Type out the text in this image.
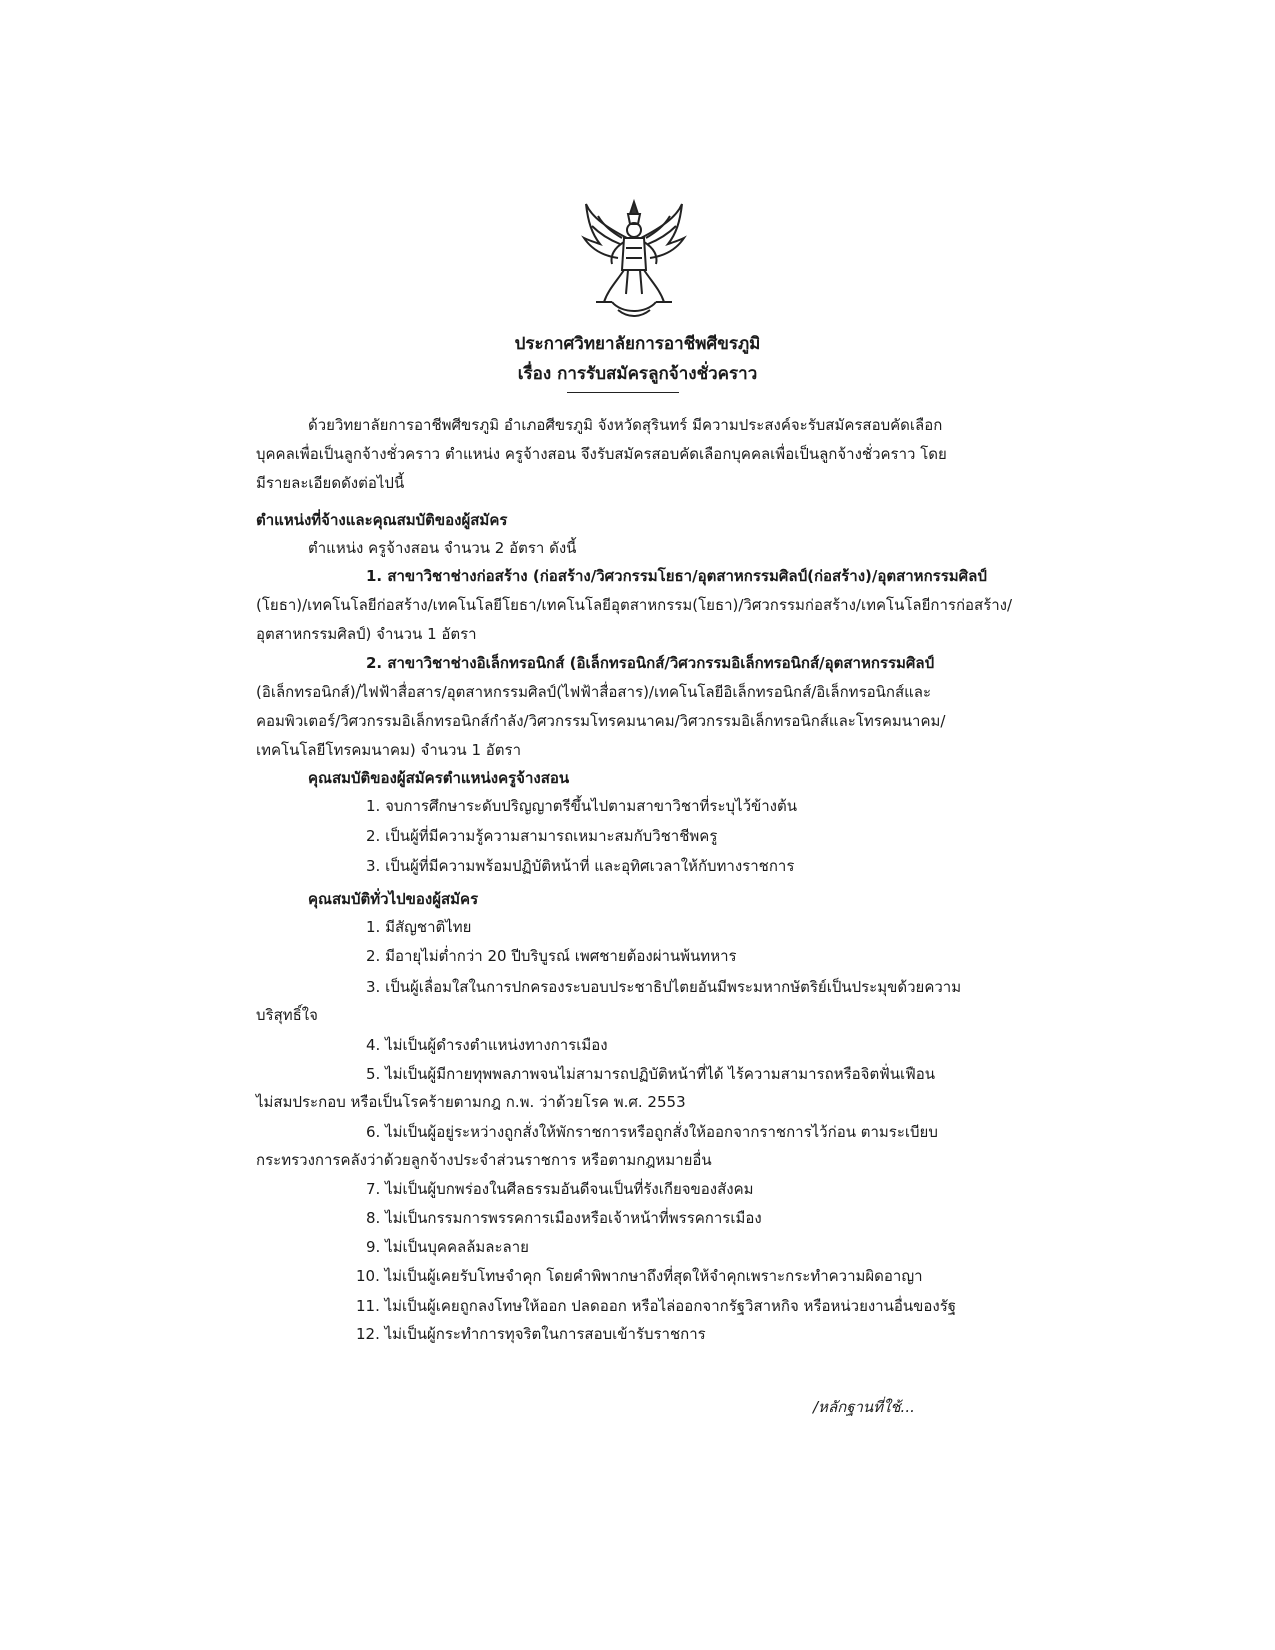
ประกาศวิทยาลัยการอาชีพศีขรภูมิ
เรื่อง การรับสมัครลูกจ้างชั่วคราว
ด้วยวิทยาลัยการอาชีพศีขรภูมิ อำเภอศีขรภูมิ จังหวัดสุรินทร์ มีความประสงค์จะรับสมัครสอบคัดเลือก
บุคคลเพื่อเป็นลูกจ้างชั่วคราว ตำแหน่ง ครูจ้างสอน จึงรับสมัครสอบคัดเลือกบุคคลเพื่อเป็นลูกจ้างชั่วคราว โดย
มีรายละเอียดดังต่อไปนี้
ตำแหน่งที่จ้างและคุณสมบัติของผู้สมัคร
ตำแหน่ง ครูจ้างสอน จำนวน 2 อัตรา ดังนี้
1. สาขาวิชาช่างก่อสร้าง (ก่อสร้าง/วิศวกรรมโยธา/อุตสาหกรรมศิลป์(ก่อสร้าง)/อุตสาหกรรมศิลป์
(โยธา)/เทคโนโลยีก่อสร้าง/เทคโนโลยีโยธา/เทคโนโลยีอุตสาหกรรม(โยธา)/วิศวกรรมก่อสร้าง/เทคโนโลยีการก่อสร้าง/
อุตสาหกรรมศิลป์) จำนวน 1 อัตรา
2. สาขาวิชาช่างอิเล็กทรอนิกส์ (อิเล็กทรอนิกส์/วิศวกรรมอิเล็กทรอนิกส์/อุตสาหกรรมศิลป์
(อิเล็กทรอนิกส์)/ไฟฟ้าสื่อสาร/อุตสาหกรรมศิลป์(ไฟฟ้าสื่อสาร)/เทคโนโลยีอิเล็กทรอนิกส์/อิเล็กทรอนิกส์และ
คอมพิวเตอร์/วิศวกรรมอิเล็กทรอนิกส์กำลัง/วิศวกรรมโทรคมนาคม/วิศวกรรมอิเล็กทรอนิกส์และโทรคมนาคม/
เทคโนโลยีโทรคมนาคม) จำนวน 1 อัตรา
คุณสมบัติของผู้สมัครตำแหน่งครูจ้างสอน
1. จบการศึกษาระดับปริญญาตรีขึ้นไปตามสาขาวิชาที่ระบุไว้ข้างต้น
2. เป็นผู้ที่มีความรู้ความสามารถเหมาะสมกับวิชาชีพครู
3. เป็นผู้ที่มีความพร้อมปฏิบัติหน้าที่ และอุทิศเวลาให้กับทางราชการ
คุณสมบัติทั่วไปของผู้สมัคร
1. มีสัญชาติไทย
2. มีอายุไม่ต่ำกว่า 20 ปีบริบูรณ์ เพศชายต้องผ่านพ้นทหาร
3. เป็นผู้เลื่อมใสในการปกครองระบอบประชาธิปไตยอันมีพระมหากษัตริย์เป็นประมุขด้วยความ
บริสุทธิ์ใจ
4. ไม่เป็นผู้ดำรงตำแหน่งทางการเมือง
5. ไม่เป็นผู้มีกายทุพพลภาพจนไม่สามารถปฏิบัติหน้าที่ได้ ไร้ความสามารถหรือจิตฟั่นเฟือน
ไม่สมประกอบ หรือเป็นโรคร้ายตามกฎ ก.พ. ว่าด้วยโรค พ.ศ. 2553
6. ไม่เป็นผู้อยู่ระหว่างถูกสั่งให้พักราชการหรือถูกสั่งให้ออกจากราชการไว้ก่อน ตามระเบียบ
กระทรวงการคลังว่าด้วยลูกจ้างประจำส่วนราชการ หรือตามกฎหมายอื่น
7. ไม่เป็นผู้บกพร่องในศีลธรรมอันดีจนเป็นที่รังเกียจของสังคม
8. ไม่เป็นกรรมการพรรคการเมืองหรือเจ้าหน้าที่พรรคการเมือง
9. ไม่เป็นบุคคลล้มละลาย
10. ไม่เป็นผู้เคยรับโทษจำคุก โดยคำพิพากษาถึงที่สุดให้จำคุกเพราะกระทำความผิดอาญา
11. ไม่เป็นผู้เคยถูกลงโทษให้ออก ปลดออก หรือไล่ออกจากรัฐวิสาหกิจ หรือหน่วยงานอื่นของรัฐ
12. ไม่เป็นผู้กระทำการทุจริตในการสอบเข้ารับราชการ
/หลักฐานที่ใช้...
